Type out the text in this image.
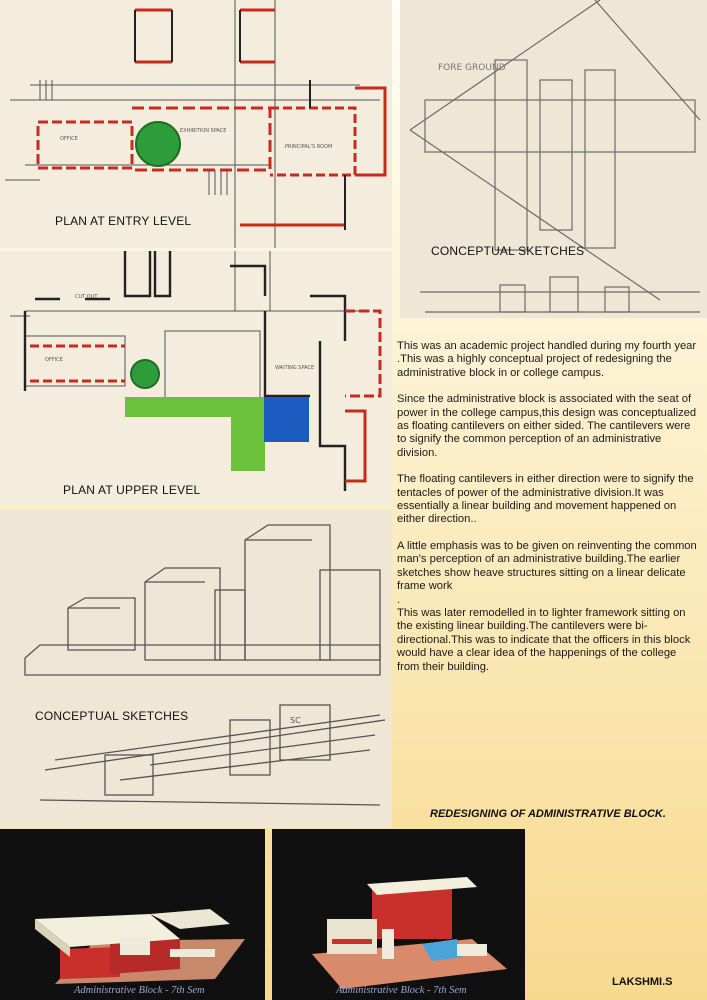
OFFICE
EXHIBITION SPACE
PRINCIPAL'S ROOM
PLAN AT ENTRY LEVEL
FORE GROUND
CONCEPTUAL SKETCHES
OFFICE
WAITING SPACE
CUT OUT
PLAN AT UPPER LEVEL
SC
CONCEPTUAL SKETCHES

This was an academic project handled during my fourth year .This was a highly conceptual project of redesigning the administrative block in or college campus.

Since the administrative block is associated with the seat of power in the college campus,this design was conceptualized as floating cantilevers on either sided. The cantilevers were to signify the common perception of an administrative division.

The floating cantilevers in either direction were to signify the tentacles of power of the administrative division.It was essentially a linear building and movement happened on either direction..

A little emphasis was to be given on reinventing the common man's perception of an administrative building.The earlier sketches show heave structures sitting on a linear delicate frame work

.

This was later remodelled in to lighter framework sitting on the existing linear building.The cantilevers were bi-directional.This was to indicate that the officers in this block would have a clear idea of the happenings of the college from their building.

REDESIGNING OF ADMINISTRATIVE BLOCK.
Administrative Block - 7th Sem	Administrative Block - 7th Sem
LAKSHMI.S
